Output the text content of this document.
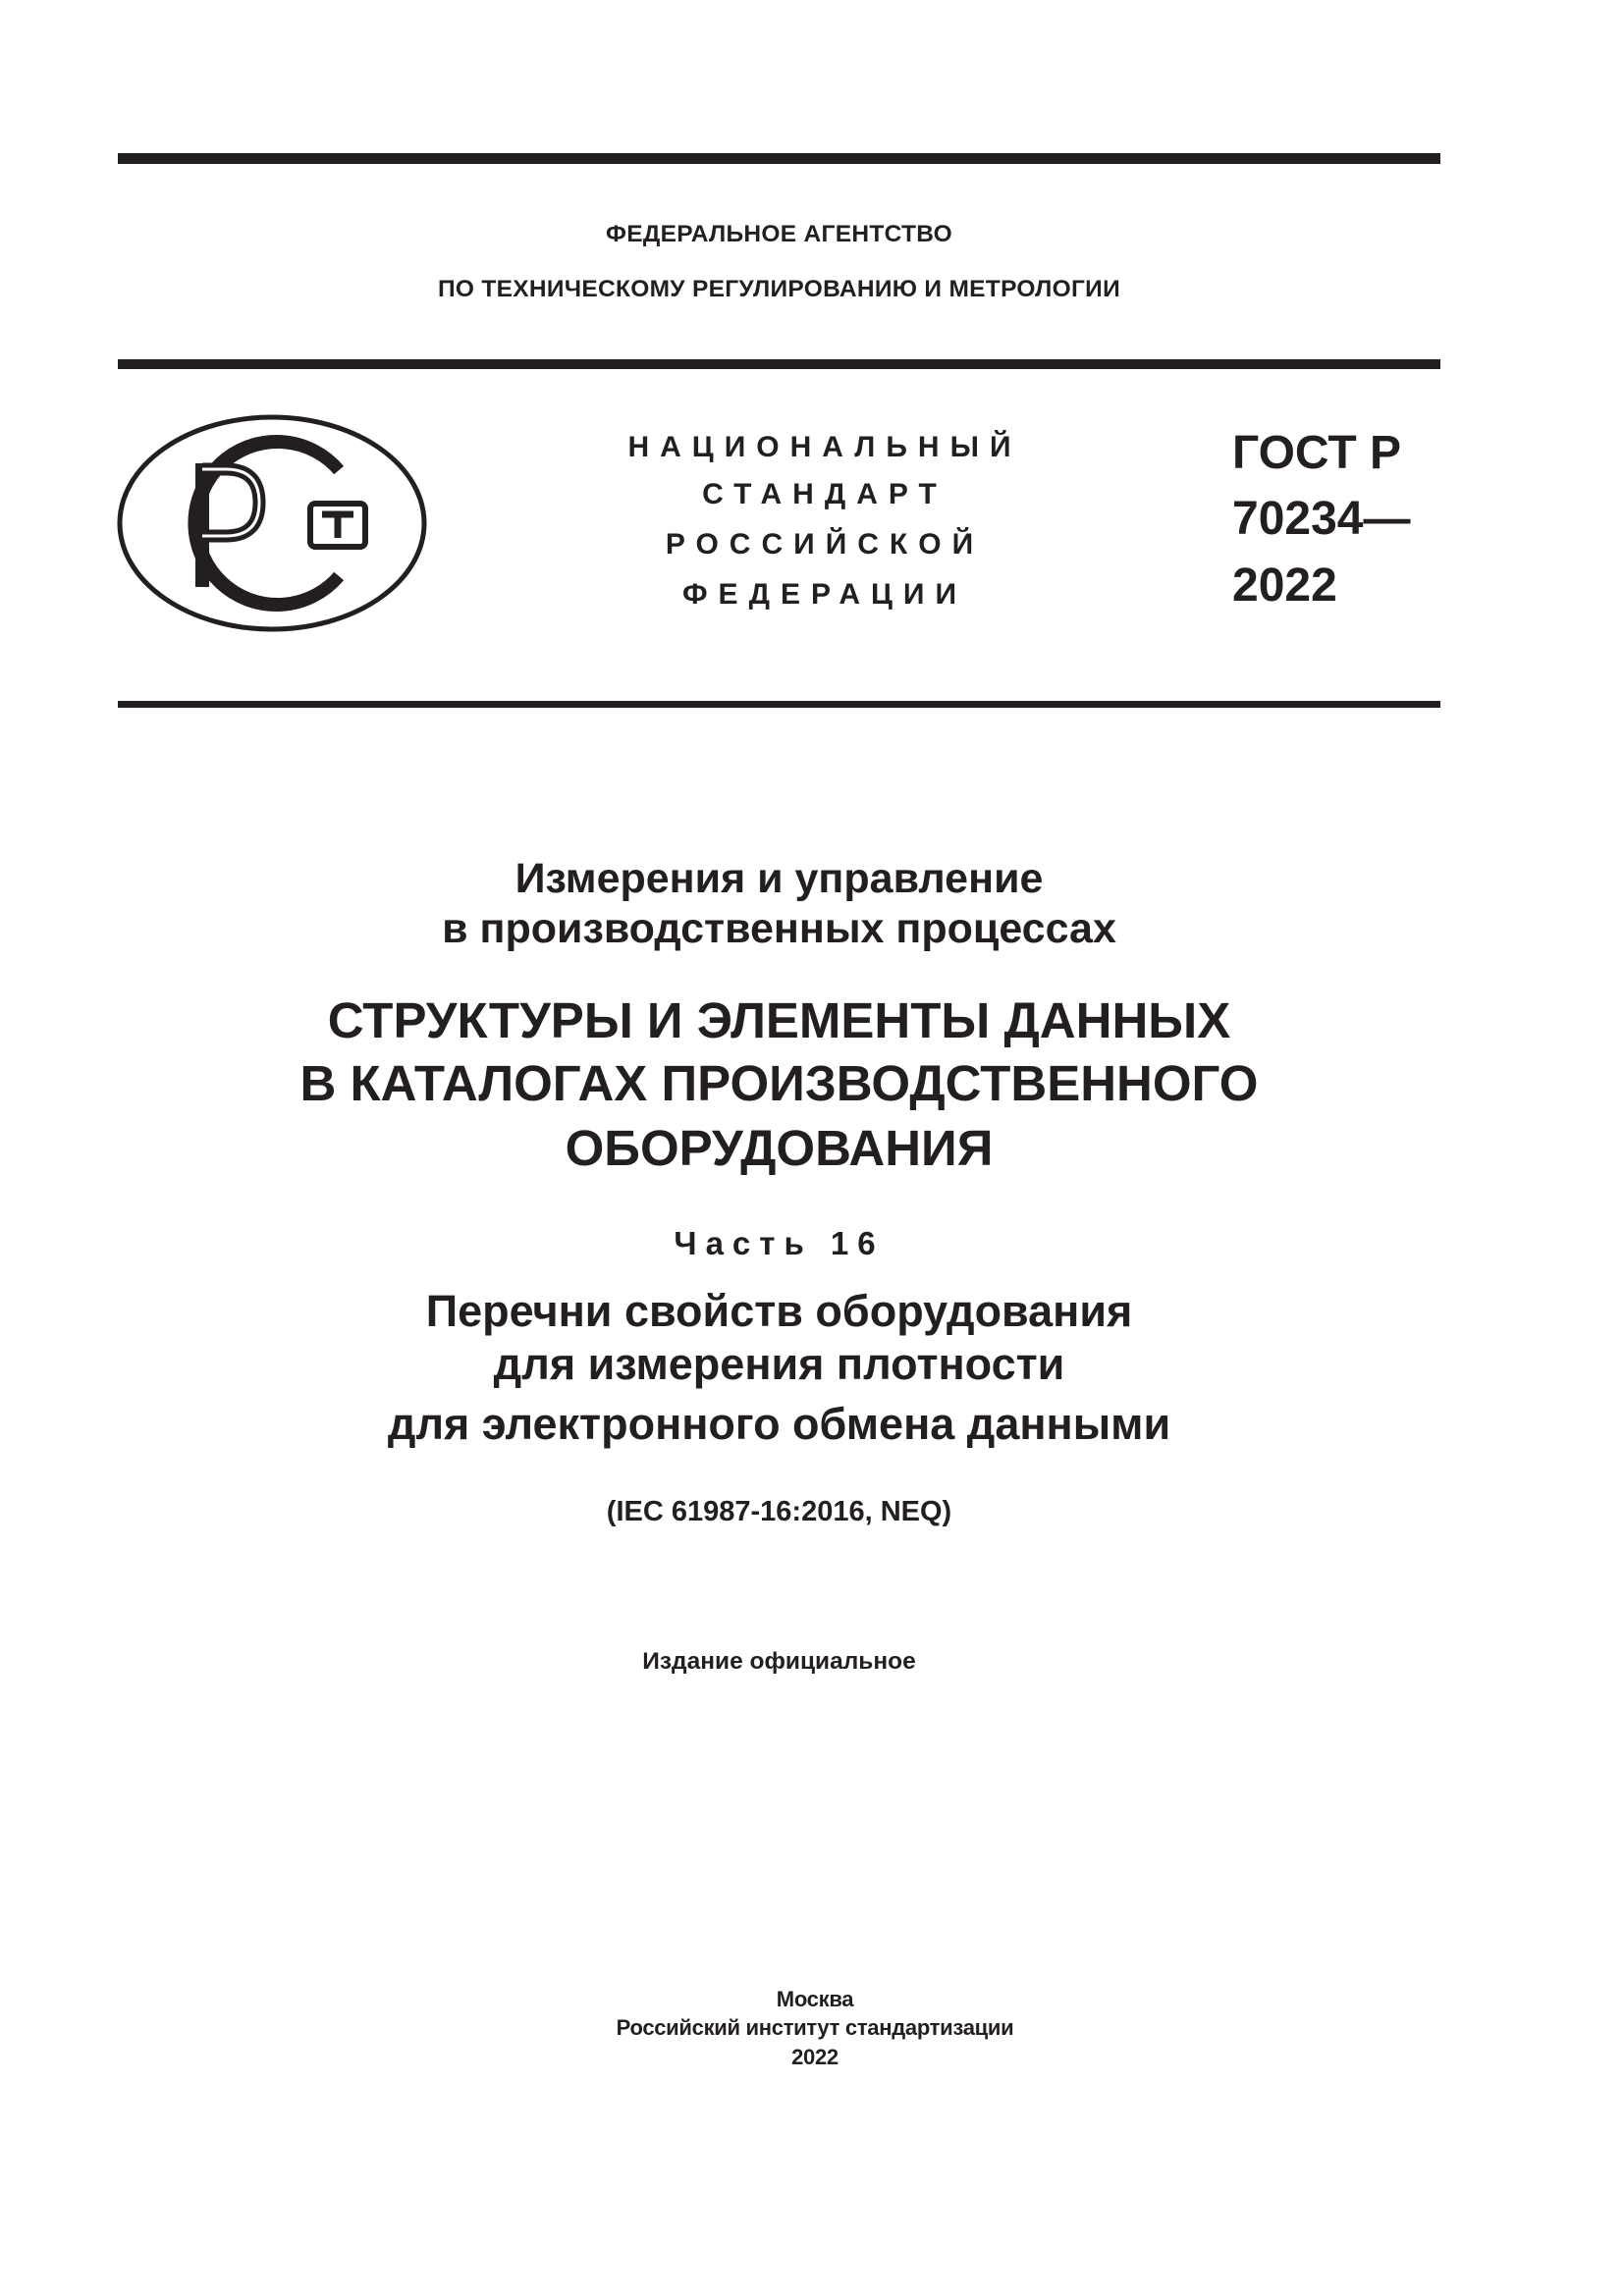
ФЕДЕРАЛЬНОЕ АГЕНТСТВО
ПО ТЕХНИЧЕСКОМУ РЕГУЛИРОВАНИЮ И МЕТРОЛОГИИ
НАЦИОНАЛЬНЫЙ
СТАНДАРТ
РОССИЙСКОЙ
ФЕДЕРАЦИИ
ГОСТ Р
70234—
2022
Измерения и управление
в производственных процессах
СТРУКТУРЫ И ЭЛЕМЕНТЫ ДАННЫХ
В КАТАЛОГАХ ПРОИЗВОДСТВЕННОГО
ОБОРУДОВАНИЯ
Часть 16
Перечни свойств оборудования
для измерения плотности
для электронного обмена данными
(IEC 61987-16:2016, NEQ)
Издание официальное
Москва
Российский институт стандартизации
2022
